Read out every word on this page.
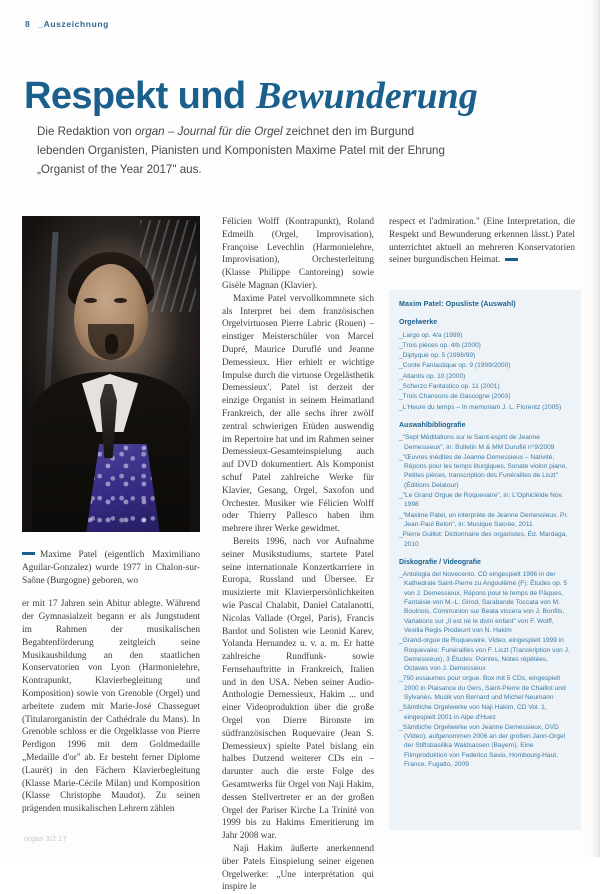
8 _Auszeichnung
Respekt und Bewunderung
Die Redaktion von organ – Journal für die Orgel zeichnet den im Burgund lebenden Organisten, Pianisten und Komponisten Maxime Patel mit der Ehrung „Organist of the Year 2017" aus.
Maxime Patel (eigentlich Maximiliano Aguilar-Gonzalez) wurde 1977 in Chalon-sur-Saône (Burgogne) geboren, wo

er mit 17 Jahren sein Abitur ablegte. Während der Gymnasialzeit begann er als Jungstudent im Rahmen der musikalischen Begabtenförderung zeitgleich seine Musikausbildung an den staatlichen Konservatorien von Lyon (Harmonielehre, Kontrapunkt, Klavierbegleitung und Komposition) sowie von Grenoble (Orgel) und arbeitete zudem mit Marie-José Chasseguet (Titularorganistin der Cathédrale du Mans). In Grenoble schloss er die Orgelklasse von Pierre Perdigon 1996 mit dem Goldmedaille „Medaille d'or" ab. Er besteht ferner Diplome (Laurét) in den Fächern Klavierbegleitung (Klasse Marie-Cécile Milan) und Komposition (Klasse Christophe Maudot). Zu seinen prägenden musikalischen Lehrern zählen

Félicien Wolff (Kontrapunkt), Roland Edmeilh (Orgel, Improvisation), Françoise Levechlin (Harmonielehre, Improvisation), Orchesterleitung (Klasse Philippe Cantoreing) sowie Gisèle Magnan (Klavier).

Maxime Patel vervollkommnete sich als Interpret bei dem französischen Orgelvirtuosen Pierre Labric (Rouen) – einstiger Meisterschüler von Marcel Dupré, Maurice Duruflé und Jeanne Demessieux. Hier erhielt er wichtige Impulse durch die virtuose Orgelästhetik Demessieux'. Patel ist derzeit der einzige Organist in seinem Heimatland Frankreich, der alle sechs ihrer zwölf zentral schwierigen Etüden auswendig im Repertoire hat und im Rahmen seiner Demessieux-Gesamteinspielung auch auf DVD dokumentiert. Als Komponist schuf Patel zahlreiche Werke für Klavier, Gesang, Orgel, Saxofon und Orchester. Musiker wie Félicien Wolff oder Thierry Pallesco haben ihm mehrere ihrer Werke gewidmet.

Bereits 1996, nach vor Aufnahme seiner Musikstudiums, startete Patel seine internationale Konzertkarriere in Europa, Russland und Übersee. Er musizierte mit Klavierpersönlichkeiten wie Pascal Chalabit, Daniel Catalanotti, Nicolas Vallade (Orgel, Paris), Francis Bardot und Solisten wie Leonid Karev, Yolanda Hernandez u. v. a. m. Er hatte zahlreiche Rundfunk- sowie Fernsehauftritte in Frankreich, Italien und in den USA. Neben seiner Audio-Anthologie Demessieux, Hakim ... und einer Videoproduktion über die große Orgel von Dierre Bironste im südfranzösischen Roquevaire (Jean S. Demessieux) spielte Patel bislang ein halbes Dutzend weiterer CDs ein – darunter auch die erste Folge des Gesamtwerks für Orgel von Naji Hakim, dessen Stellvertreter er an der großen Orgel der Pariser Kirche La Trinité von 1999 bis zu Hakims Emeritierung im Jahr 2008 war.

Naji Hakim äußerte anerkennend über Patels Einspielung seiner eigenen Orgelwerke: „Une interprétation qui inspire le

respect et l'admiration." (Eine Interpretation, die Respekt und Bewunderung erkennen lässt.) Patel unterrichtet aktuell an mehreren Konservatorien seiner burgundischen Heimat.

Maxim Patel: Opusliste (Auswahl)
Orgelwerke

_Largo op. 4/a (1999)

_Trois pièces op. 4/b (2000)

_Diptyque op. 5 (1998/99)

_Conte Fantastique op. 9 (1999/2000)

_Atlantis op. 10 (2000)

_Scherzo Fantastico op. 11 (2001)

_Trois Chansons de Gascogne (2003)

_L'Heure du temps – In memoriam J. L. Florentz (2005)

Auswahlbibliografie

_"Sept Méditations sur le Saint-esprit de Jeanne Demessieux", in: Bulletin M & MM Duruflé n°9/2009

_"Œuvres inédites de Jeanne Demessieux – Nativité, Répons pour les temps liturgiques, Sonate violon piano, Petites pièces, transcription des Funérailles de Liszt" (Éditions Delatour)

_"Le Grand Orgue de Roquevaire", in: L'Ophicléide Nov. 1998

_"Maxime Patel, un interprète de Jeanne Demessieux. Pr. Jean-Paul Belon", in: Musique Sacrée, 2011

_Pierre Guillot: Dictionnaire des organistes, Éd. Mardaga, 2010

Diskografie / Videografie

_Antologia del Novecento. CD eingespielt 1996 in der Kathedrale Saint-Pierre zu Angoulême (F): Études op. 5 von J. Demessieux, Répons pour le temps de Pâques, Fantaisie von M.-L. Girod, Sarabande Toccata von M. Boulnois, Communion sur Beata viscera von J. Bonfils, Variations sur „Il est né le divin enfant" von F. Wolff, Vexilla Regis Prodeunt von N. Hakim

_Grand-orgue de Roquevaire. Video, eingespielt 1999 in Roquevaire: Funérailles von F. Liszt (Transkription von J. Demessieux), 3 Études: Pointes, Notes répétées, Octaves von J. Demessieux

_750 essaumes pour orgue. Box mit 5 CDs, eingespielt 2000 in Plaisance du Gers, Saint-Pierre de Chaillot und Sylvanès. Musik von Bernard und Michel Neumann

_Sämtliche Orgelwerke von Naji Hakim, CD Vol. 1, eingespielt 2001 in Alpe d'Huez

_Sämtliche Orgelwerke von Jeanne Demessieux, DVD (Video), aufgenommen 2006 an der großen Jann-Orgel der Stiftsbasilika Waldsassen (Bayern). Eine Filmproduktion von Federico Savio, Hombourg-Haut, France. Fugatto, 2009

organ 3/2.17
